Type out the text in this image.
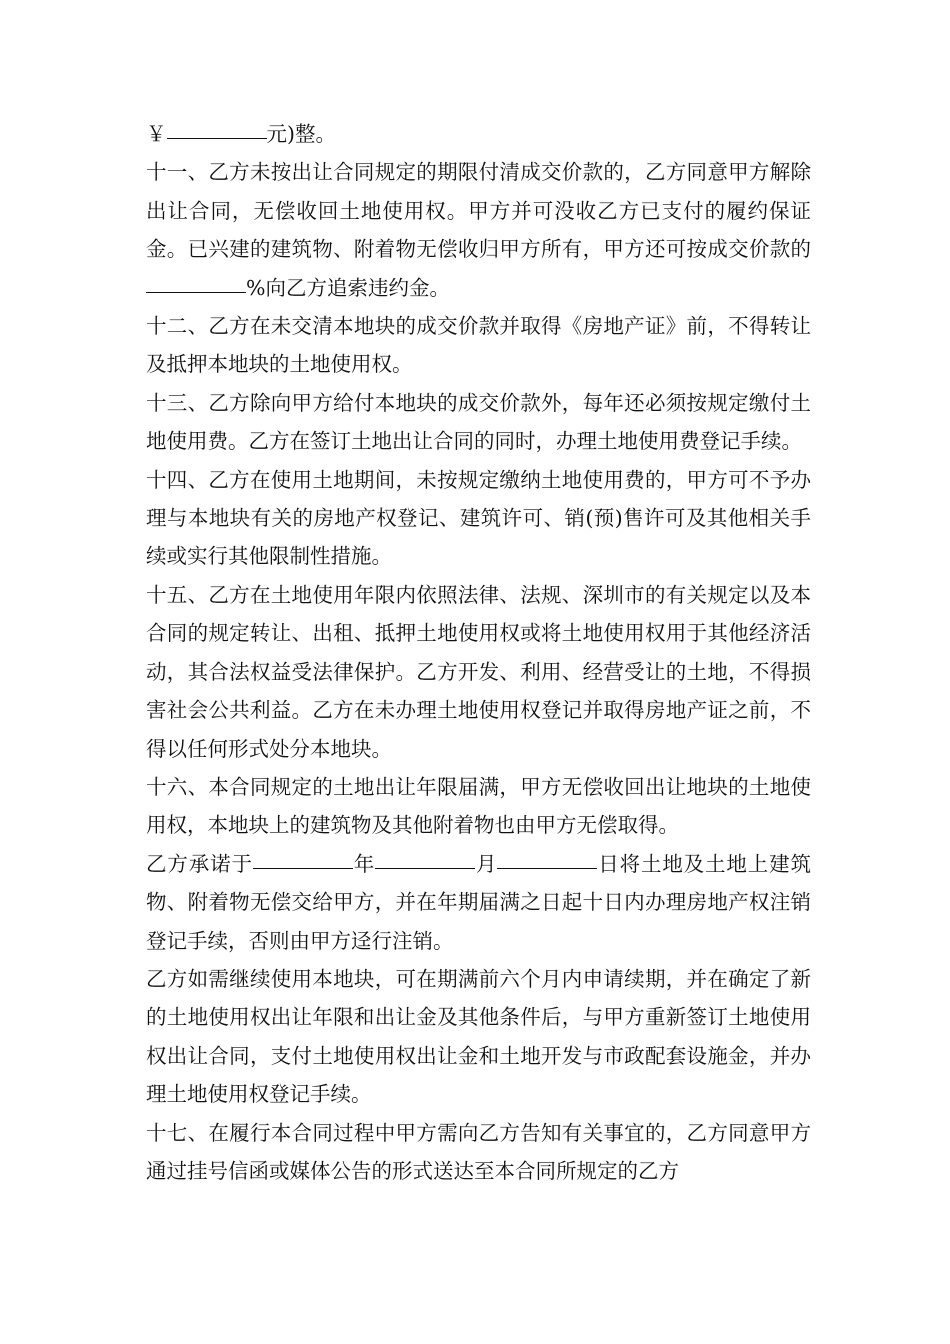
￥	元)整。

十一、乙方未按出让合同规定的期限付清成交价款的，乙方同意甲方解除出让合同，无偿收回土地使用权。甲方并可没收乙方已支付的履约保证金。已兴建的建筑物、附着物无偿收归甲方所有，甲方还可按成交价款的%向乙方追索违约金。

十二、乙方在未交清本地块的成交价款并取得《房地产证》前，不得转让及抵押本地块的土地使用权。

十三、乙方除向甲方给付本地块的成交价款外，每年还必须按规定缴付土地使用费。乙方在签订土地出让合同的同时，办理土地使用费登记手续。

十四、乙方在使用土地期间，未按规定缴纳土地使用费的，甲方可不予办理与本地块有关的房地产权登记、建筑许可、销(预)售许可及其他相关手续或实行其他限制性措施。

十五、乙方在土地使用年限内依照法律、法规、深圳市的有关规定以及本合同的规定转让、出租、抵押土地使用权或将土地使用权用于其他经济活动，其合法权益受法律保护。乙方开发、利用、经营受让的土地，不得损害社会公共利益。乙方在未办理土地使用权登记并取得房地产证之前，不得以任何形式处分本地块。

十六、本合同规定的土地出让年限届满，甲方无偿收回出让地块的土地使用权，本地块上的建筑物及其他附着物也由甲方无偿取得。

乙方承诺于	年	月	日将土地及土地上建筑物、附着物无偿交给甲方，并在年期届满之日起十日内办理房地产权注销登记手续，否则由甲方迳行注销。

乙方如需继续使用本地块，可在期满前六个月内申请续期，并在确定了新的土地使用权出让年限和出让金及其他条件后，与甲方重新签订土地使用权出让合同，支付土地使用权出让金和土地开发与市政配套设施金，并办理土地使用权登记手续。

十七、在履行本合同过程中甲方需向乙方告知有关事宜的，乙方同意甲方通过挂号信函或媒体公告的形式送达至本合同所规定的乙方
